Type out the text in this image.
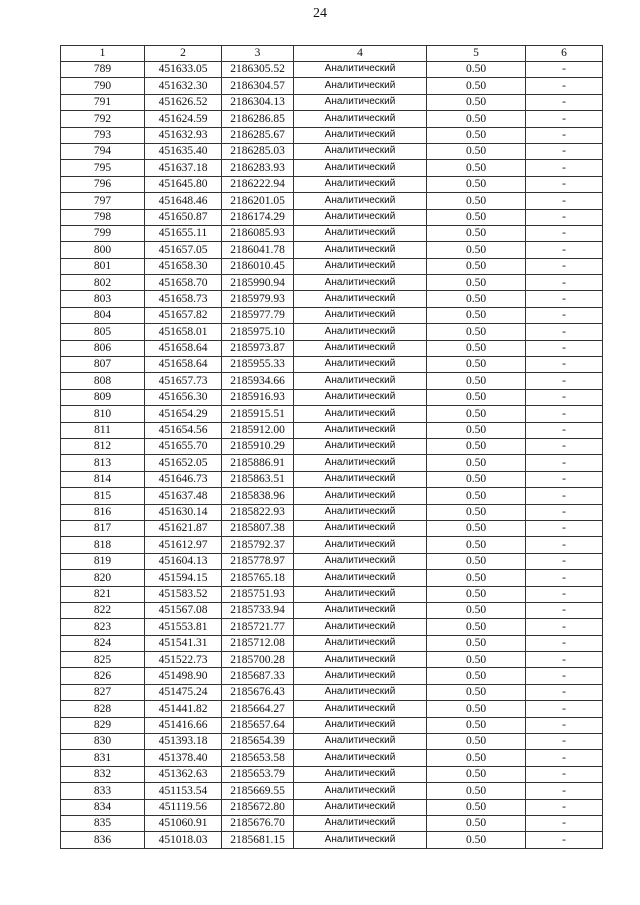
24
1	2	3	4	5	6
789	451633.05	2186305.52	Аналитический	0.50	-
790	451632.30	2186304.57	Аналитический	0.50	-
791	451626.52	2186304.13	Аналитический	0.50	-
792	451624.59	2186286.85	Аналитический	0.50	-
793	451632.93	2186285.67	Аналитический	0.50	-
794	451635.40	2186285.03	Аналитический	0.50	-
795	451637.18	2186283.93	Аналитический	0.50	-
796	451645.80	2186222.94	Аналитический	0.50	-
797	451648.46	2186201.05	Аналитический	0.50	-
798	451650.87	2186174.29	Аналитический	0.50	-
799	451655.11	2186085.93	Аналитический	0.50	-
800	451657.05	2186041.78	Аналитический	0.50	-
801	451658.30	2186010.45	Аналитический	0.50	-
802	451658.70	2185990.94	Аналитический	0.50	-
803	451658.73	2185979.93	Аналитический	0.50	-
804	451657.82	2185977.79	Аналитический	0.50	-
805	451658.01	2185975.10	Аналитический	0.50	-
806	451658.64	2185973.87	Аналитический	0.50	-
807	451658.64	2185955.33	Аналитический	0.50	-
808	451657.73	2185934.66	Аналитический	0.50	-
809	451656.30	2185916.93	Аналитический	0.50	-
810	451654.29	2185915.51	Аналитический	0.50	-
811	451654.56	2185912.00	Аналитический	0.50	-
812	451655.70	2185910.29	Аналитический	0.50	-
813	451652.05	2185886.91	Аналитический	0.50	-
814	451646.73	2185863.51	Аналитический	0.50	-
815	451637.48	2185838.96	Аналитический	0.50	-
816	451630.14	2185822.93	Аналитический	0.50	-
817	451621.87	2185807.38	Аналитический	0.50	-
818	451612.97	2185792.37	Аналитический	0.50	-
819	451604.13	2185778.97	Аналитический	0.50	-
820	451594.15	2185765.18	Аналитический	0.50	-
821	451583.52	2185751.93	Аналитический	0.50	-
822	451567.08	2185733.94	Аналитический	0.50	-
823	451553.81	2185721.77	Аналитический	0.50	-
824	451541.31	2185712.08	Аналитический	0.50	-
825	451522.73	2185700.28	Аналитический	0.50	-
826	451498.90	2185687.33	Аналитический	0.50	-
827	451475.24	2185676.43	Аналитический	0.50	-
828	451441.82	2185664.27	Аналитический	0.50	-
829	451416.66	2185657.64	Аналитический	0.50	-
830	451393.18	2185654.39	Аналитический	0.50	-
831	451378.40	2185653.58	Аналитический	0.50	-
832	451362.63	2185653.79	Аналитический	0.50	-
833	451153.54	2185669.55	Аналитический	0.50	-
834	451119.56	2185672.80	Аналитический	0.50	-
835	451060.91	2185676.70	Аналитический	0.50	-
836	451018.03	2185681.15	Аналитический	0.50	-
